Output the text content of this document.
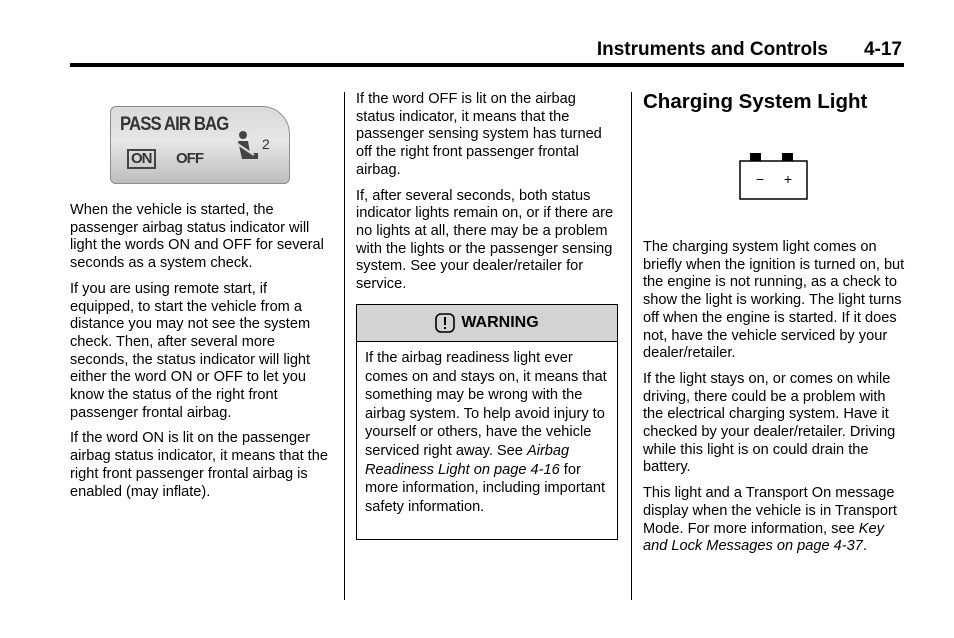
Instruments and Controls 4-17
PASS AIR BAG
ON OFF
2

When the vehicle is started, the passenger airbag status indicator will light the words ON and OFF for several seconds as a system check.

If you are using remote start, if equipped, to start the vehicle from a distance you may not see the system check. Then, after several more seconds, the status indicator will light either the word ON or OFF to let you know the status of the right front passenger frontal airbag.

If the word ON is lit on the passenger airbag status indicator, it means that the right front passenger frontal airbag is enabled (may inflate).

If the word OFF is lit on the airbag status indicator, it means that the passenger sensing system has turned off the right front passenger frontal airbag.

If, after several seconds, both status indicator lights remain on, or if there are no lights at all, there may be a problem with the lights or the passenger sensing system. See your dealer/retailer for service.

WARNING
If the airbag readiness light ever comes on and stays on, it means that something may be wrong with the airbag system. To help avoid injury to yourself or others, have the vehicle serviced right away. See Airbag Readiness Light on page 4-16 for more information, including important safety information.
Charging System Light
− +

The charging system light comes on briefly when the ignition is turned on, but the engine is not running, as a check to show the light is working. The light turns off when the engine is started. If it does not, have the vehicle serviced by your dealer/retailer.

If the light stays on, or comes on while driving, there could be a problem with the electrical charging system. Have it checked by your dealer/retailer. Driving while this light is on could drain the battery.

This light and a Transport On message display when the vehicle is in Transport Mode. For more information, see Key and Lock Messages on page 4-37.
